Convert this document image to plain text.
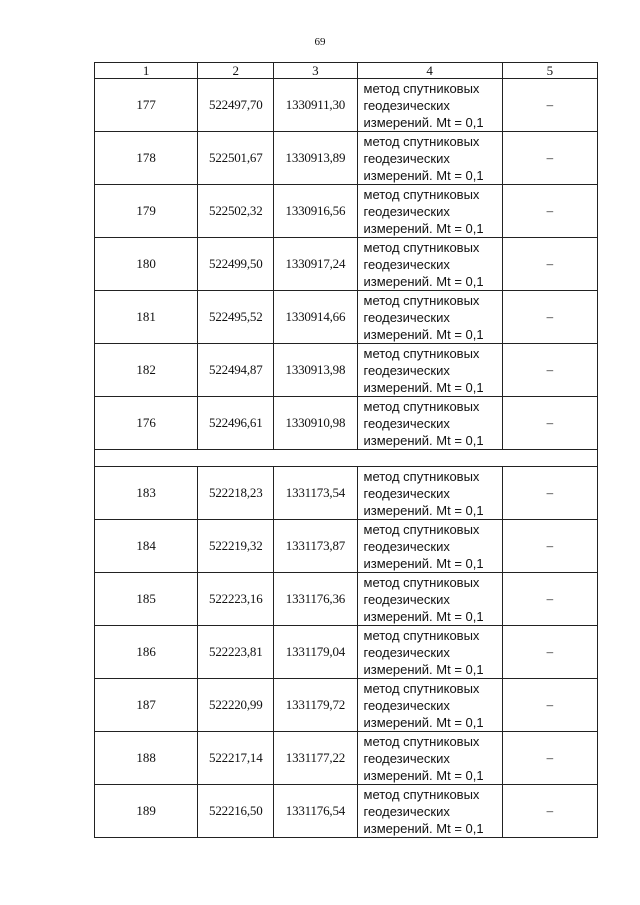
69
1	2	3	4	5
177	522497,70	1330911,30	метод спутниковых
геодезических
измерений. Mt = 0,1	–
178	522501,67	1330913,89	метод спутниковых
геодезических
измерений. Mt = 0,1	–
179	522502,32	1330916,56	метод спутниковых
геодезических
измерений. Mt = 0,1	–
180	522499,50	1330917,24	метод спутниковых
геодезических
измерений. Mt = 0,1	–
181	522495,52	1330914,66	метод спутниковых
геодезических
измерений. Mt = 0,1	–
182	522494,87	1330913,98	метод спутниковых
геодезических
измерений. Mt = 0,1	–
176	522496,61	1330910,98	метод спутниковых
геодезических
измерений. Mt = 0,1	–

183	522218,23	1331173,54	метод спутниковых
геодезических
измерений. Mt = 0,1	–
184	522219,32	1331173,87	метод спутниковых
геодезических
измерений. Mt = 0,1	–
185	522223,16	1331176,36	метод спутниковых
геодезических
измерений. Mt = 0,1	–
186	522223,81	1331179,04	метод спутниковых
геодезических
измерений. Mt = 0,1	–
187	522220,99	1331179,72	метод спутниковых
геодезических
измерений. Mt = 0,1	–
188	522217,14	1331177,22	метод спутниковых
геодезических
измерений. Mt = 0,1	–
189	522216,50	1331176,54	метод спутниковых
геодезических
измерений. Mt = 0,1	–
